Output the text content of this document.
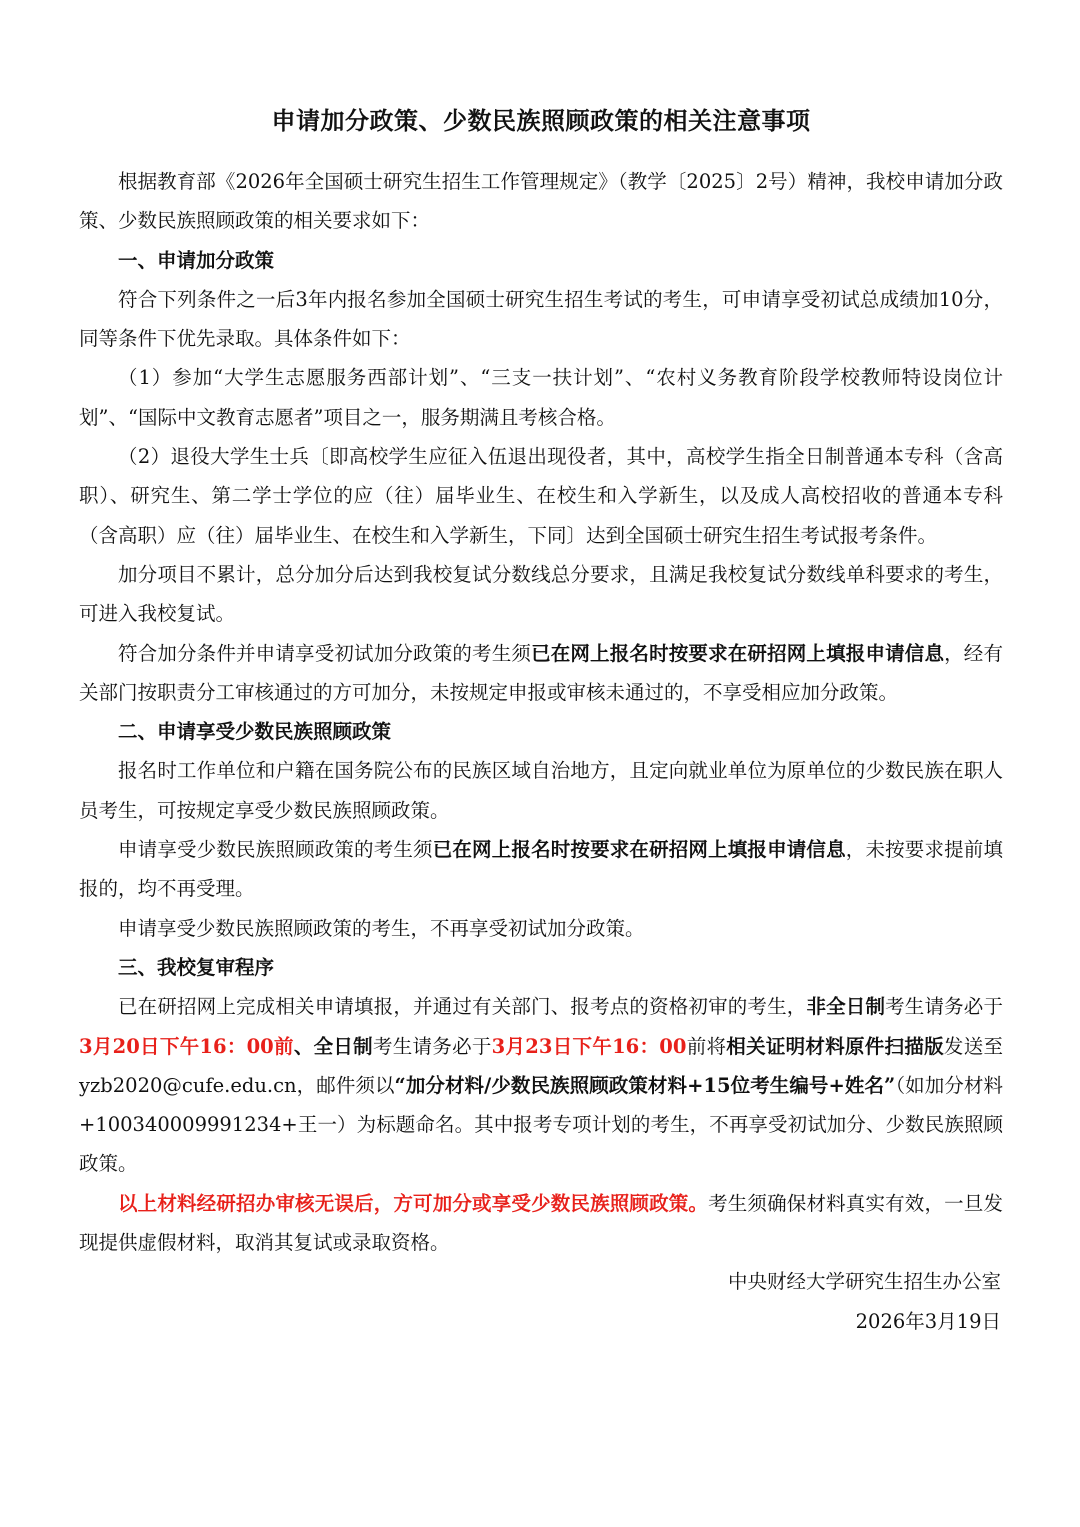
申请加分政策、少数民族照顾政策的相关注意事项

根据教育部《2026年全国硕士研究生招生工作管理规定》（教学〔2025〕2号）精神，我校申请加分政策、少数民族照顾政策的相关要求如下：

一、申请加分政策

符合下列条件之一后3年内报名参加全国硕士研究生招生考试的考生，可申请享受初试总成绩加10分，同等条件下优先录取。具体条件如下：

（1）参加“大学生志愿服务西部计划”、“三支一扶计划”、“农村义务教育阶段学校教师特设岗位计划”、“国际中文教育志愿者”项目之一，服务期满且考核合格。

（2）退役大学生士兵〔即高校学生应征入伍退出现役者，其中，高校学生指全日制普通本专科（含高职）、研究生、第二学士学位的应（往）届毕业生、在校生和入学新生，以及成人高校招收的普通本专科（含高职）应（往）届毕业生、在校生和入学新生，下同〕达到全国硕士研究生招生考试报考条件。

加分项目不累计，总分加分后达到我校复试分数线总分要求，且满足我校复试分数线单科要求的考生，可进入我校复试。

符合加分条件并申请享受初试加分政策的考生须已在网上报名时按要求在研招网上填报申请信息，经有关部门按职责分工审核通过的方可加分，未按规定申报或审核未通过的，不享受相应加分政策。

二、申请享受少数民族照顾政策

报名时工作单位和户籍在国务院公布的民族区域自治地方，且定向就业单位为原单位的少数民族在职人员考生，可按规定享受少数民族照顾政策。

申请享受少数民族照顾政策的考生须已在网上报名时按要求在研招网上填报申请信息，未按要求提前填报的，均不再受理。

申请享受少数民族照顾政策的考生，不再享受初试加分政策。

三、我校复审程序

已在研招网上完成相关申请填报，并通过有关部门、报考点的资格初审的考生，非全日制考生请务必于3月20日下午16：00前、全日制考生请务必于3月23日下午16：00前将相关证明材料原件扫描版发送至yzb2020@cufe.edu.cn，邮件须以“加分材料/少数民族照顾政策材料+15位考生编号+姓名”（如加分材料+100340009991234+王一）为标题命名。其中报考专项计划的考生，不再享受初试加分、少数民族照顾政策。

以上材料经研招办审核无误后，方可加分或享受少数民族照顾政策。考生须确保材料真实有效，一旦发现提供虚假材料，取消其复试或录取资格。

中央财经大学研究生招生办公室

2026年3月19日
